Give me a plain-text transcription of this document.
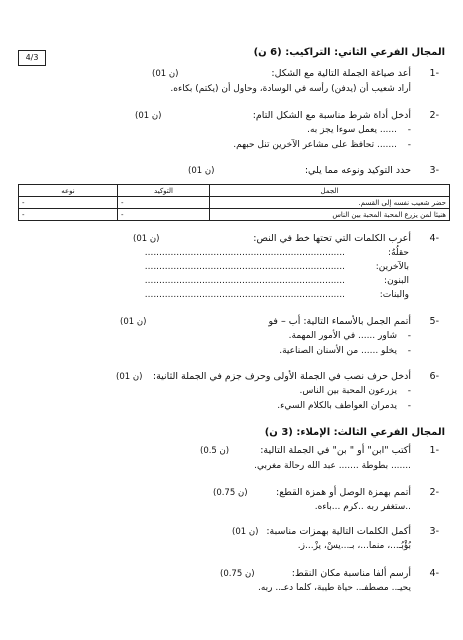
4/3	المجال الفرعي الثاني: التراكيب: (6 ن)
-1
أعد صياغة الجملة التالية مع الشكل:
(01 ن)
أراد شعيب أن (يدفن) رأسه في الوسادة، وحاول أن (يكتم) بكاءه.
-2
أدخل أداة شرط مناسبة مع الشكل التام:
(01 ن)
-
...... يعمل سوءا يجز به.
-
....... تحافظ على مشاعر الآخرين تنل حبهم.
-3
حدد التوكيد ونوعه مما يلي:
(01 ن)
الجمل	التوكيد	نوعه
حضر شعيب نفسه إلى القسم.	-	-
هنيئا لمن يزرع المحبة المحبة بين الناس	-	-
-4
أعرب الكلمات التي تحتها خط في النص:
(01 ن)
حقلُهُ:
......................................................................
بالآخرين:
......................................................................
البنون:
......................................................................
والبنات:
......................................................................
-5
أتمم الجمل بالأسماء التالية: أب – فو
(01 ن)
-
شاور ...... في الأمور المهمة.
-
يخلو ...... من الأسنان الصناعية.
-6
أدخل حرف نصب في الجملة الأولى وحرف جزم في الجملة الثانية:
(01 ن)
-
يزرعون المحبة بين الناس.
-
يدمران العواطف بالكلام السيء.
المجال الفرعي الثالث: الإملاء: (3 ن)
-1
أكتب "ابن" أو " بن" في الجملة التالية:
(0.5 ن)
....... بطوطة ....... عبد الله رحالة مغربي.
-2
أتمم بهمزة الوصل أو همزة القطع:
(0.75 ن)
..ستغفر ربه ..كرم ...باءه.
-3
أكمل الكلمات التالية بهمزات مناسبة:
(01 ن)
بُؤْبُـ...، منما...، بـ...يسْ، يزْ...ز.
-4
أرسم ألفا مناسبة مكان النقط:
(0.75 ن)
يحيـ.. مصطفـ.. حياة طيبة، كلما دعـ.. ربه.
